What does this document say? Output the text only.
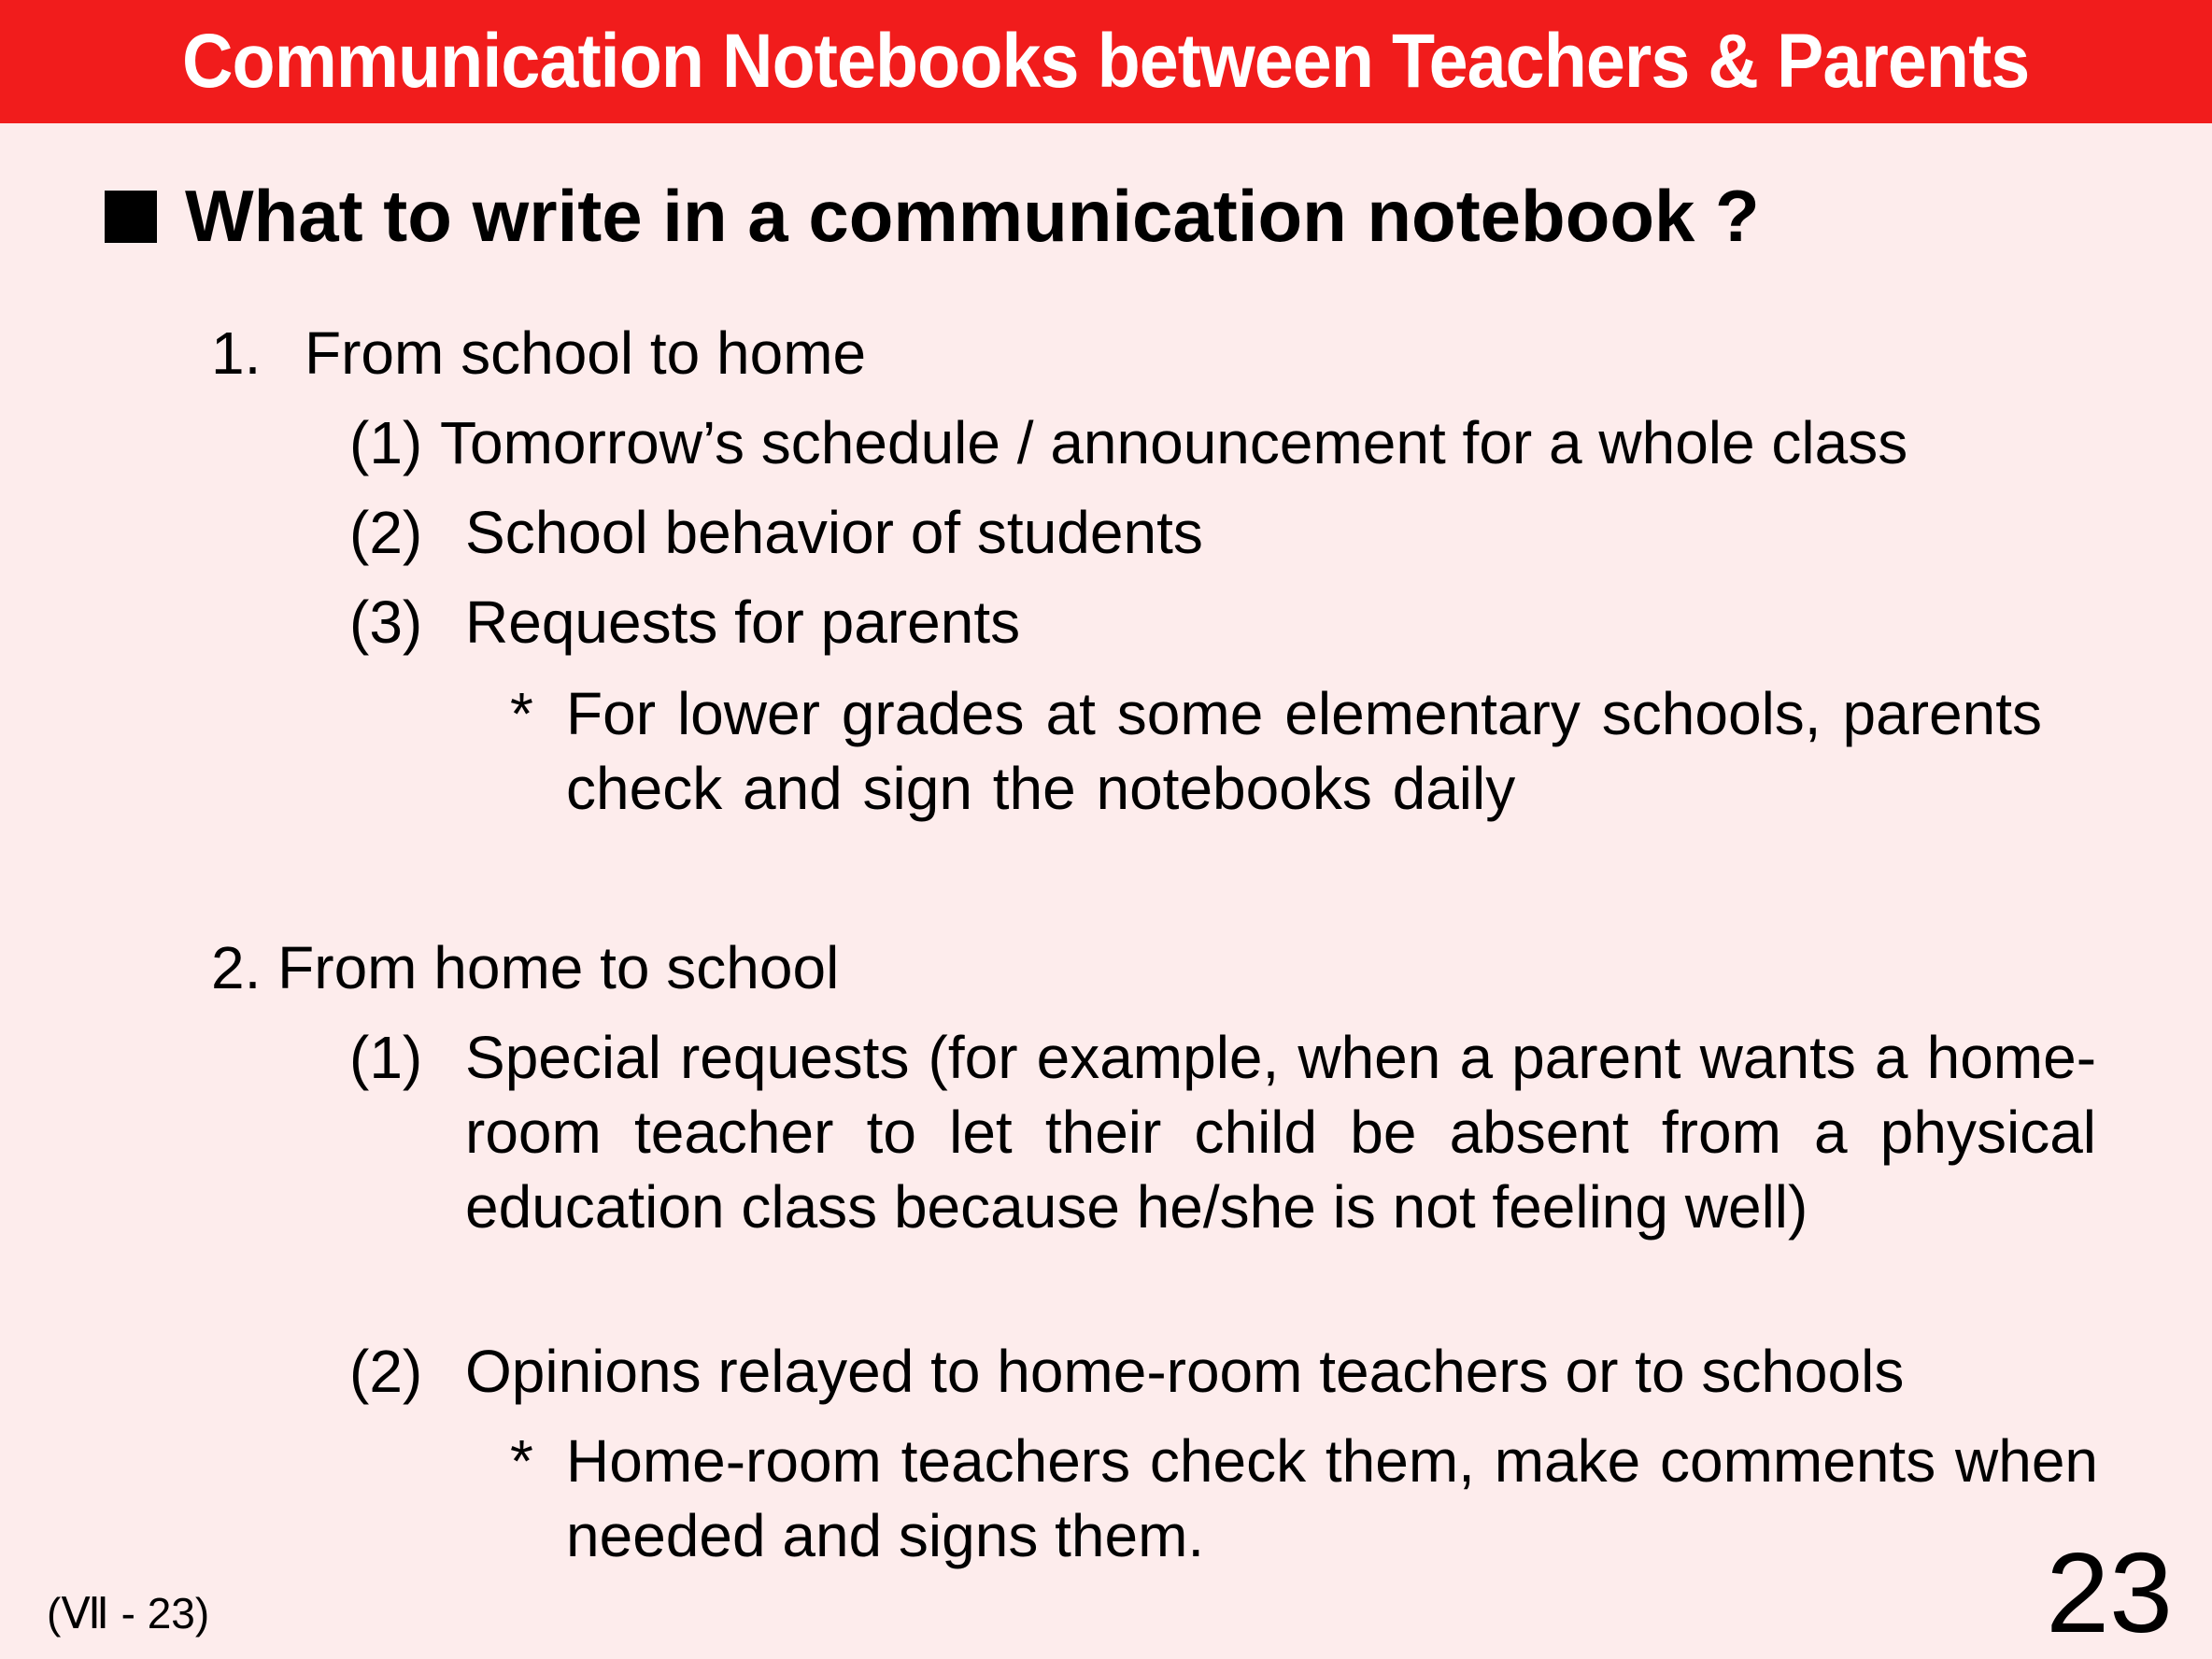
Communication Notebooks between Teachers & Parents
What to write in a communication notebook ?
1. From school to home
(1) Tomorrow’s schedule / announcement for a whole class
(2) School behavior of students
(3) Requests for parents
* For lower grades at some elementary schools, parents check and sign the notebooks daily
2. From home to school
(1) Special requests (for example, when a parent wants a home-room teacher to let their child be absent from a physical education class because he/she is not feeling well)
(2) Opinions relayed to home-room teachers or to schools
* Home-room teachers check them, make comments when needed and signs them.
(Ⅶ - 23)	23
